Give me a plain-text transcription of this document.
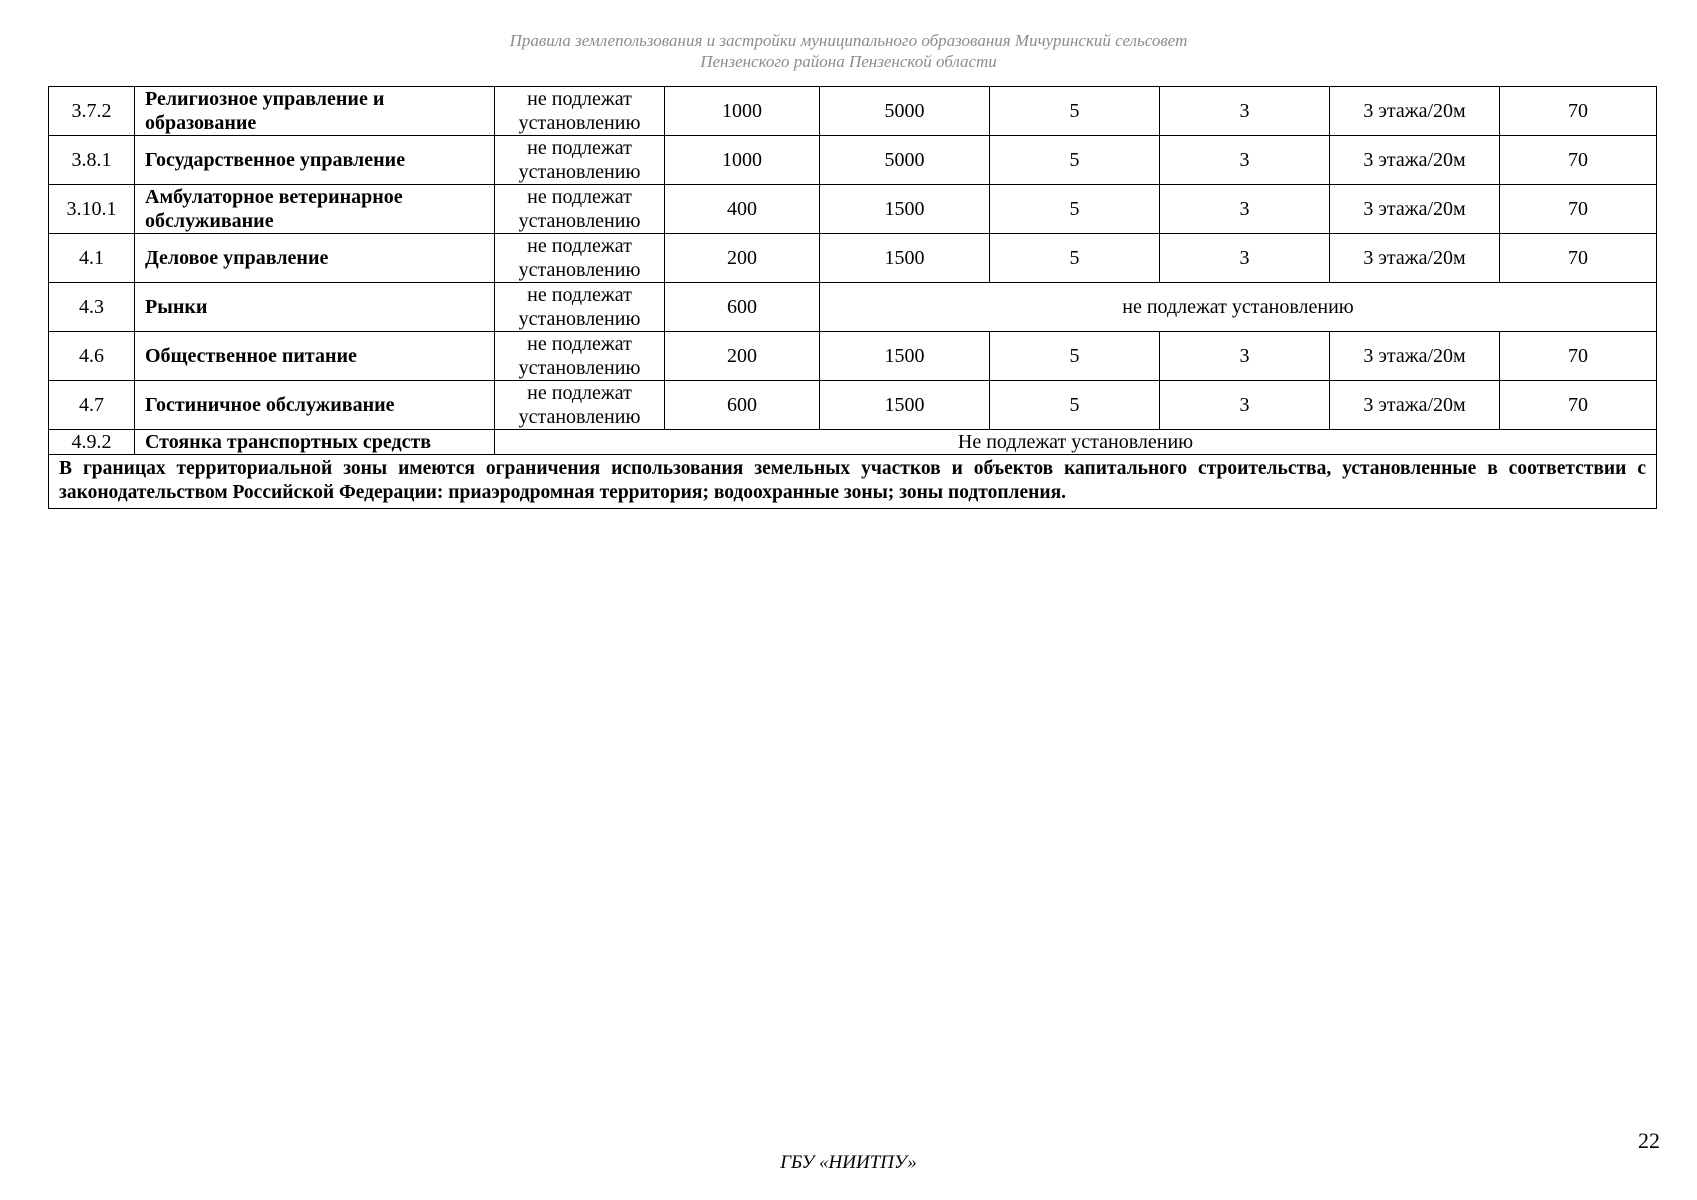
Правила землепользования и застройки муниципального образования Мичуринский сельсовет
Пензенского района Пензенской области
3.7.2	Религиозное управление и образование	не подлежат установлению	1000	5000	5	3	3 этажа/20м	70
3.8.1	Государственное управление	не подлежат установлению	1000	5000	5	3	3 этажа/20м	70
3.10.1	Амбулаторное ветеринарное обслуживание	не подлежат установлению	400	1500	5	3	3 этажа/20м	70
4.1	Деловое управление	не подлежат установлению	200	1500	5	3	3 этажа/20м	70
4.3	Рынки	не подлежат установлению	600	не подлежат установлению				
4.6	Общественное питание	не подлежат установлению	200	1500	5	3	3 этажа/20м	70
4.7	Гостиничное обслуживание	не подлежат установлению	600	1500	5	3	3 этажа/20м	70
4.9.2	Стоянка транспортных средств	Не подлежат установлению						
В границах территориальной зоны имеются ограничения использования земельных участков и объектов капитального строительства, установленные в соответствии с законодательством Российской Федерации: приаэродромная территория; водоохранные зоны; зоны подтопления.								
22
ГБУ «НИИТПУ»
